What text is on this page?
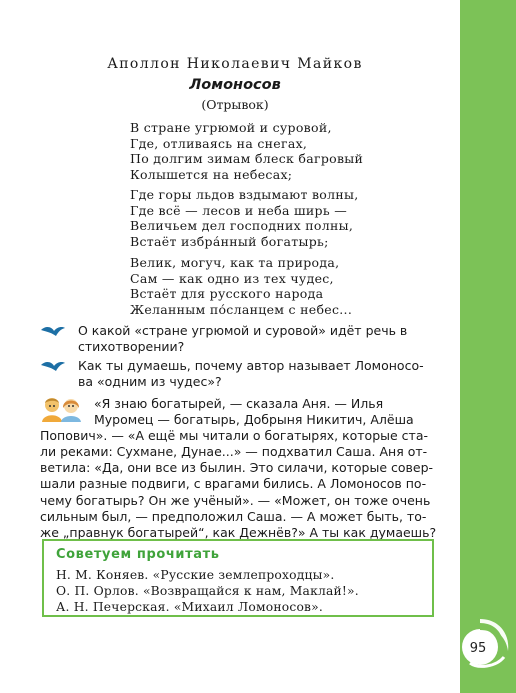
Аполлон Николаевич Майков
Ломоносов
(Отрывок)
В стране угрюмой и суровой,
Где, отливаясь на снегах,
По долгим зимам блеск багровый
Колышется на небесах;
Где горы льдов вздымают волны,
Где всё — лесов и неба ширь —
Величьем дел господних полны,
Встаёт избра́нный богатырь;
Велик, могуч, как та природа,
Сам — как одно из тех чудес,
Встаёт для русского народа
Желанным по́сланцем с небес...
О какой «стране угрюмой и суровой» идёт речь в
стихотворении?
Как ты думаешь, почему автор называет Ломоносо-
ва «одним из чудес»?
«Я знаю богатырей, — сказала Аня. — Илья
Муромец — богатырь, Добрыня Никитич, Алёша
Попович». — «А ещё мы читали о богатырях, которые ста-
ли реками: Сухмане, Дунае...» — подхватил Саша. Аня от-
ветила: «Да, они все из былин. Это силачи, которые совер-
шали разные подвиги, с врагами бились. А Ломоносов по-
чему богатырь? Он же учёный». — «Может, он тоже очень
сильным был, — предположил Саша. — А может быть, то-
же „правнук богатырей“, как Дежнёв?» А ты как думаешь?
Советуем прочитать
Н. М. Коняев. «Русские землепроходцы».
О. П. Орлов. «Возвращайся к нам, Маклай!».
А. Н. Печерская. «Михаил Ломоносов».
95
